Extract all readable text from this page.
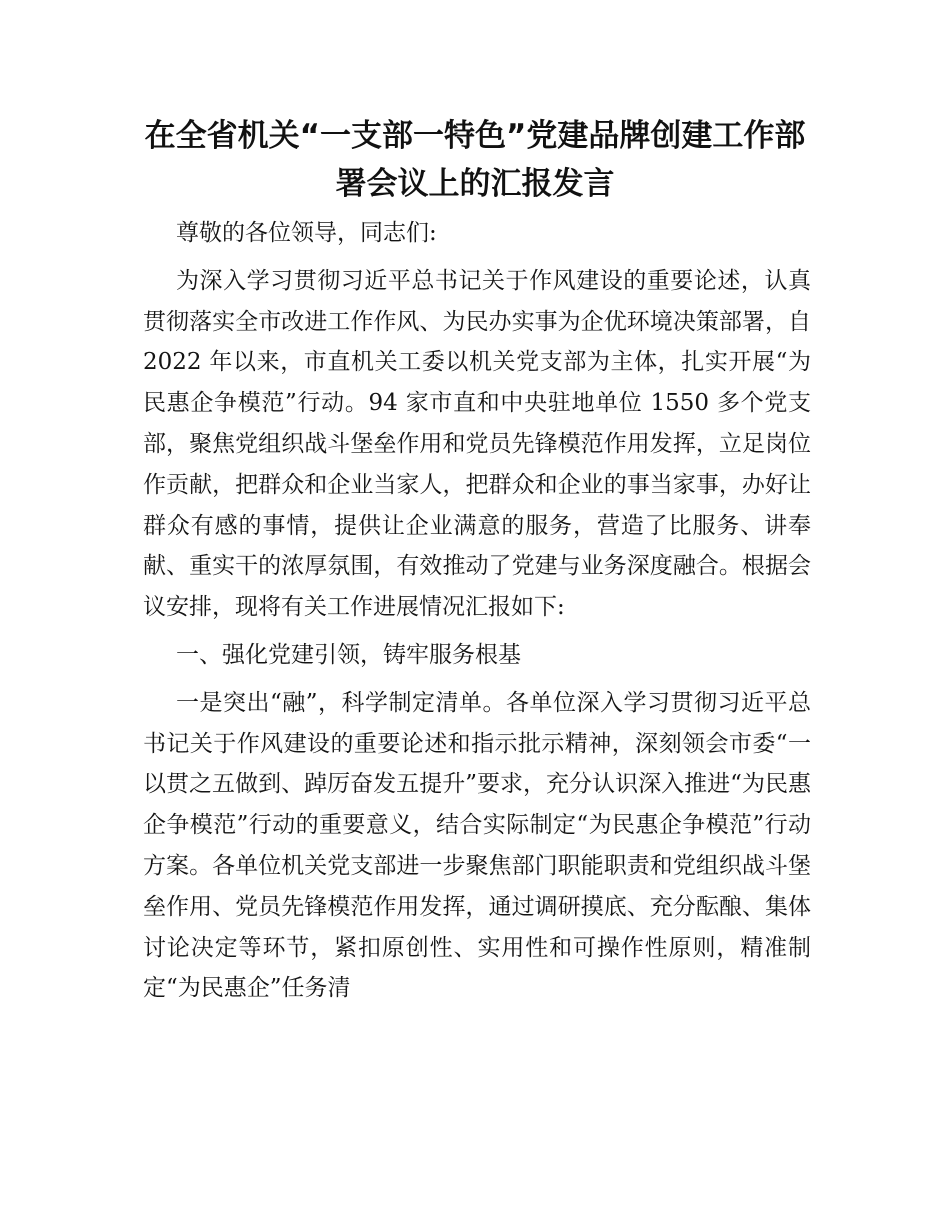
在全省机关“一支部一特色”党建品牌创建工作部署会议上的汇报发言

尊敬的各位领导，同志们:

为深入学习贯彻习近平总书记关于作风建设的重要论述，认真贯彻落实全市改进工作作风、为民办实事为企优环境决策部署，自 2022 年以来，市直机关工委以机关党支部为主体，扎实开展“为民惠企争模范”行动。94 家市直和中央驻地单位 1550 多个党支部，聚焦党组织战斗堡垒作用和党员先锋模范作用发挥，立足岗位作贡献，把群众和企业当家人，把群众和企业的事当家事，办好让群众有感的事情，提供让企业满意的服务，营造了比服务、讲奉献、重实干的浓厚氛围，有效推动了党建与业务深度融合。根据会议安排，现将有关工作进展情况汇报如下:

一、强化党建引领，铸牢服务根基

一是突出“融”，科学制定清单。各单位深入学习贯彻习近平总书记关于作风建设的重要论述和指示批示精神，深刻领会市委“一以贯之五做到、踔厉奋发五提升”要求，充分认识深入推进“为民惠企争模范”行动的重要意义，结合实际制定“为民惠企争模范”行动方案。各单位机关党支部进一步聚焦部门职能职责和党组织战斗堡垒作用、党员先锋模范作用发挥，通过调研摸底、充分酝酿、集体讨论决定等环节，紧扣原创性、实用性和可操作性原则，精准制定“为民惠企”任务清
